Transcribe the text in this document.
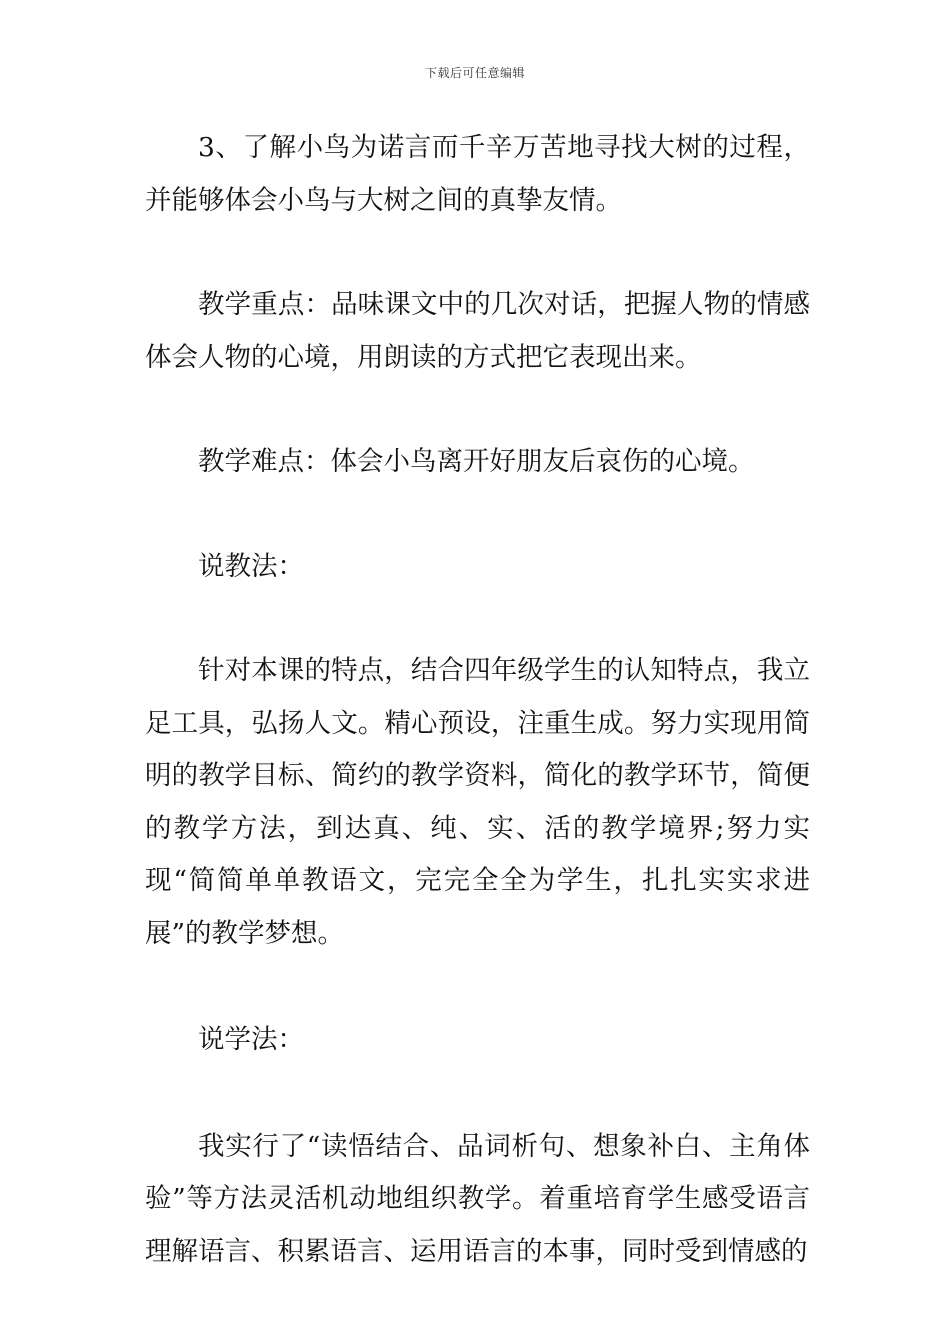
下载后可任意编辑

3、了解小鸟为诺言而千辛万苦地寻找大树的过程，并能够体会小鸟与大树之间的真挚友情。

教学重点：品味课文中的几次对话，把握人物的情感体会人物的心境，用朗读的方式把它表现出来。

教学难点：体会小鸟离开好朋友后哀伤的心境。

说教法：

针对本课的特点，结合四年级学生的认知特点，我立足工具，弘扬人文。精心预设，注重生成。努力实现用简明的教学目标、简约的教学资料，简化的教学环节，简便的教学方法，到达真、纯、实、活的教学境界;努力实现“简简单单教语文，完完全全为学生，扎扎实实求进展”的教学梦想。

说学法：

我实行了“读悟结合、品词析句、想象补白、主角体验”等方法灵活机动地组织教学。着重培育学生感受语言理解语言、积累语言、运用语言的本事，同时受到情感的
